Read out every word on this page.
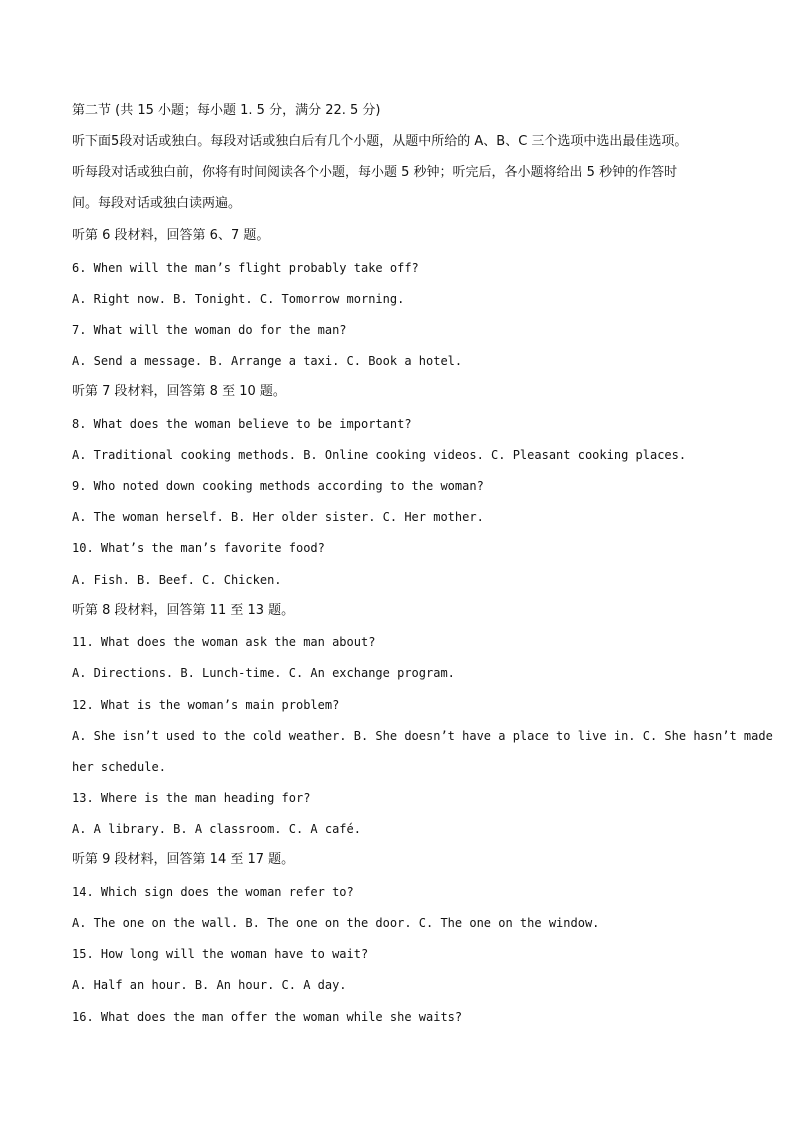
第二节 (共 15 小题；每小题 1. 5 分，满分 22. 5 分)
听下面5段对话或独白。每段对话或独白后有几个小题，从题中所给的 A、B、C 三个选项中选出最佳选项。
听每段对话或独白前，你将有时间阅读各个小题，每小题 5 秒钟；听完后，各小题将给出 5 秒钟的作答时
间。每段对话或独白读两遍。
听第 6 段材料，回答第 6、7 题。
6. When will the man’s flight probably take off?
A. Right now. B. Tonight. C. Tomorrow morning.
7. What will the woman do for the man?
A. Send a message. B. Arrange a taxi. C. Book a hotel.
听第 7 段材料，回答第 8 至 10 题。
8. What does the woman believe to be important?
A. Traditional cooking methods. B. Online cooking videos. C. Pleasant cooking places.
9. Who noted down cooking methods according to the woman?
A. The woman herself. B. Her older sister. C. Her mother.
10. What’s the man’s favorite food?
A. Fish. B. Beef. C. Chicken.
听第 8 段材料，回答第 11 至 13 题。
11. What does the woman ask the man about?
A. Directions. B. Lunch-time. C. An exchange program.
12. What is the woman’s main problem?
A. She isn’t used to the cold weather. B. She doesn’t have a place to live in. C. She hasn’t made
her schedule.
13. Where is the man heading for?
A. A library. B. A classroom. C. A café.
听第 9 段材料，回答第 14 至 17 题。
14. Which sign does the woman refer to?
A. The one on the wall. B. The one on the door. C. The one on the window.
15. How long will the woman have to wait?
A. Half an hour. B. An hour. C. A day.
16. What does the man offer the woman while she waits?
